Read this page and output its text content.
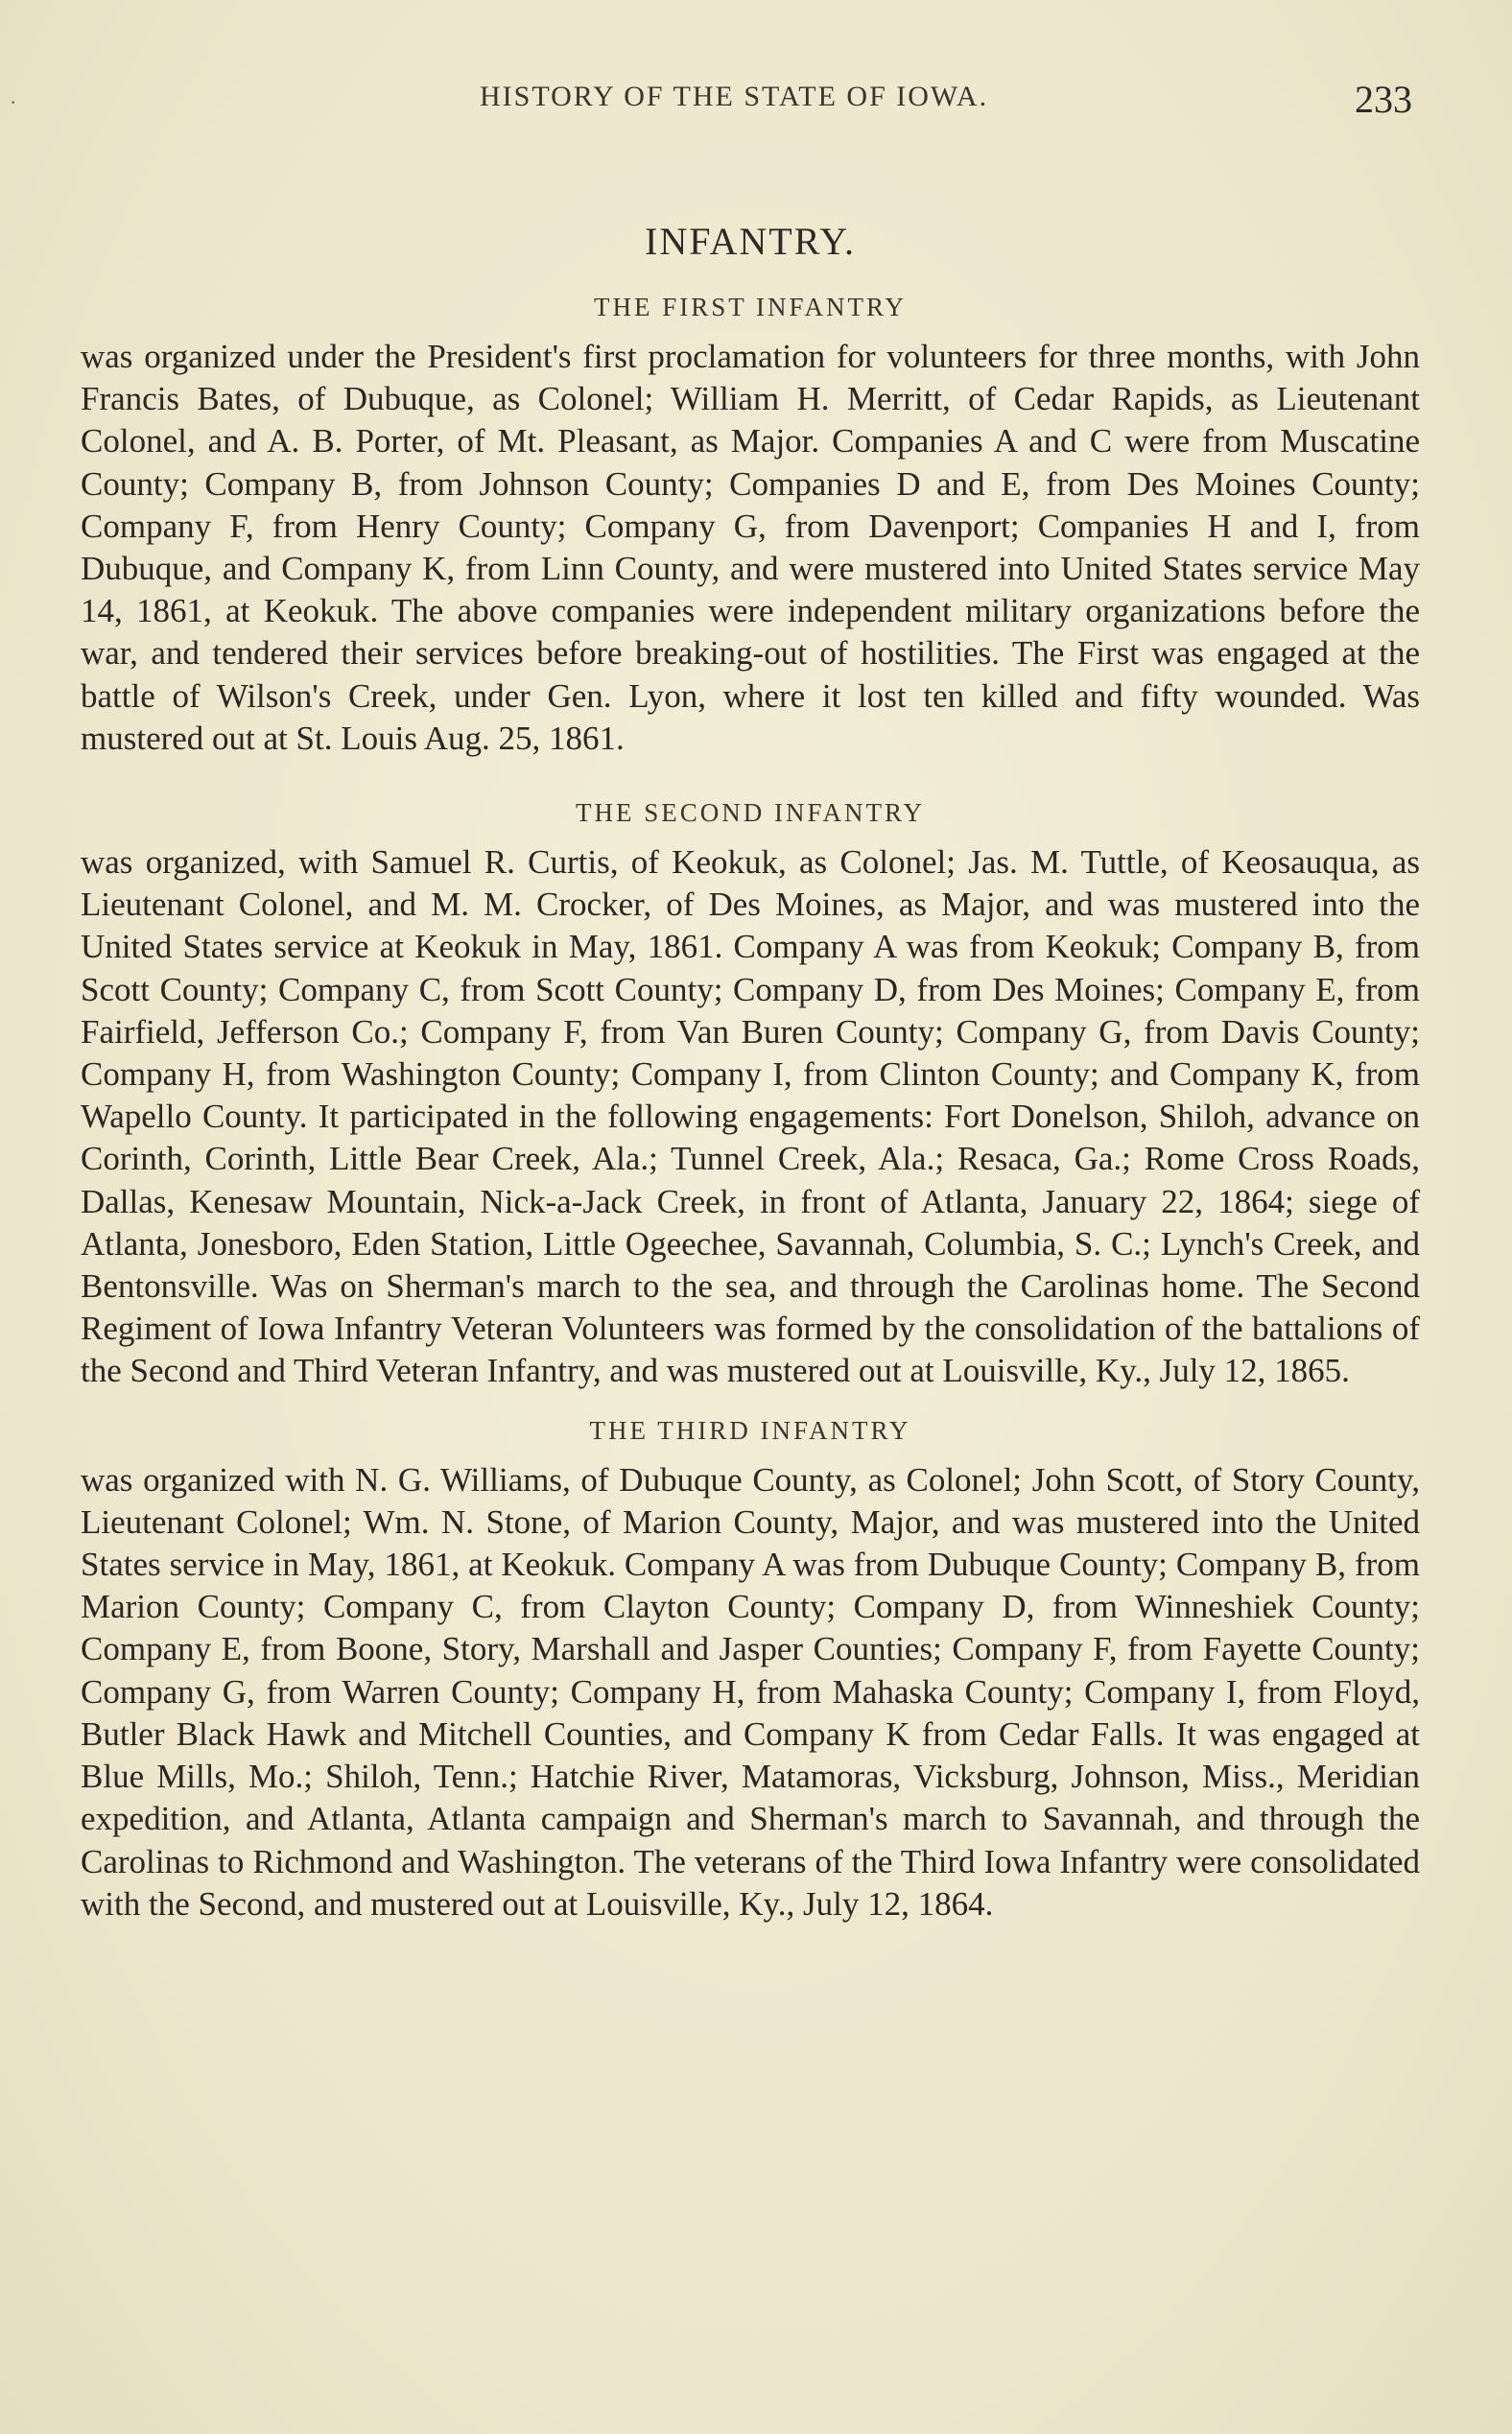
·	HISTORY OF THE STATE OF IOWA.	233
INFANTRY.
THE FIRST INFANTRY

was organized under the President's first proclamation for volunteers for three months, with John Francis Bates, of Dubuque, as Colonel; William H. Merritt, of Cedar Rapids, as Lieutenant Colonel, and A. B. Porter, of Mt. Pleasant, as Major. Companies A and C were from Muscatine County; Company B, from Johnson County; Companies D and E, from Des Moines County; Company F, from Henry County; Company G, from Davenport; Companies H and I, from Dubuque, and Company K, from Linn County, and were mustered into United States service May 14, 1861, at Keokuk. The above companies were independent military organizations before the war, and tendered their services before breaking-out of hostilities. The First was engaged at the battle of Wilson's Creek, under Gen. Lyon, where it lost ten killed and fifty wounded. Was mustered out at St. Louis Aug. 25, 1861.

THE SECOND INFANTRY

was organized, with Samuel R. Curtis, of Keokuk, as Colonel; Jas. M. Tuttle, of Keosauqua, as Lieutenant Colonel, and M. M. Crocker, of Des Moines, as Major, and was mustered into the United States service at Keokuk in May, 1861. Company A was from Keokuk; Company B, from Scott County; Company C, from Scott County; Company D, from Des Moines; Company E, from Fairfield, Jefferson Co.; Company F, from Van Buren County; Company G, from Davis County; Company H, from Washington County; Company I, from Clinton County; and Company K, from Wapello County. It participated in the following engagements: Fort Donelson, Shiloh, advance on Corinth, Corinth, Little Bear Creek, Ala.; Tunnel Creek, Ala.; Resaca, Ga.; Rome Cross Roads, Dallas, Kenesaw Mountain, Nick-a-Jack Creek, in front of Atlanta, January 22, 1864; siege of Atlanta, Jonesboro, Eden Station, Little Ogeechee, Savannah, Columbia, S. C.; Lynch's Creek, and Bentonsville. Was on Sherman's march to the sea, and through the Carolinas home. The Second Regiment of Iowa Infantry Veteran Volunteers was formed by the consolidation of the battalions of the Second and Third Veteran Infantry, and was mustered out at Louisville, Ky., July 12, 1865.

THE THIRD INFANTRY

was organized with N. G. Williams, of Dubuque County, as Colonel; John Scott, of Story County, Lieutenant Colonel; Wm. N. Stone, of Marion County, Major, and was mustered into the United States service in May, 1861, at Keokuk. Company A was from Dubuque County; Company B, from Marion County; Company C, from Clayton County; Company D, from Winneshiek County; Company E, from Boone, Story, Marshall and Jasper Counties; Company F, from Fayette County; Company G, from Warren County; Company H, from Mahaska County; Company I, from Floyd, Butler Black Hawk and Mitchell Counties, and Company K from Cedar Falls. It was engaged at Blue Mills, Mo.; Shiloh, Tenn.; Hatchie River, Matamoras, Vicksburg, Johnson, Miss., Meridian expedition, and Atlanta, Atlanta campaign and Sherman's march to Savannah, and through the Carolinas to Richmond and Washington. The veterans of the Third Iowa Infantry were consolidated with the Second, and mustered out at Louisville, Ky., July 12, 1864.
